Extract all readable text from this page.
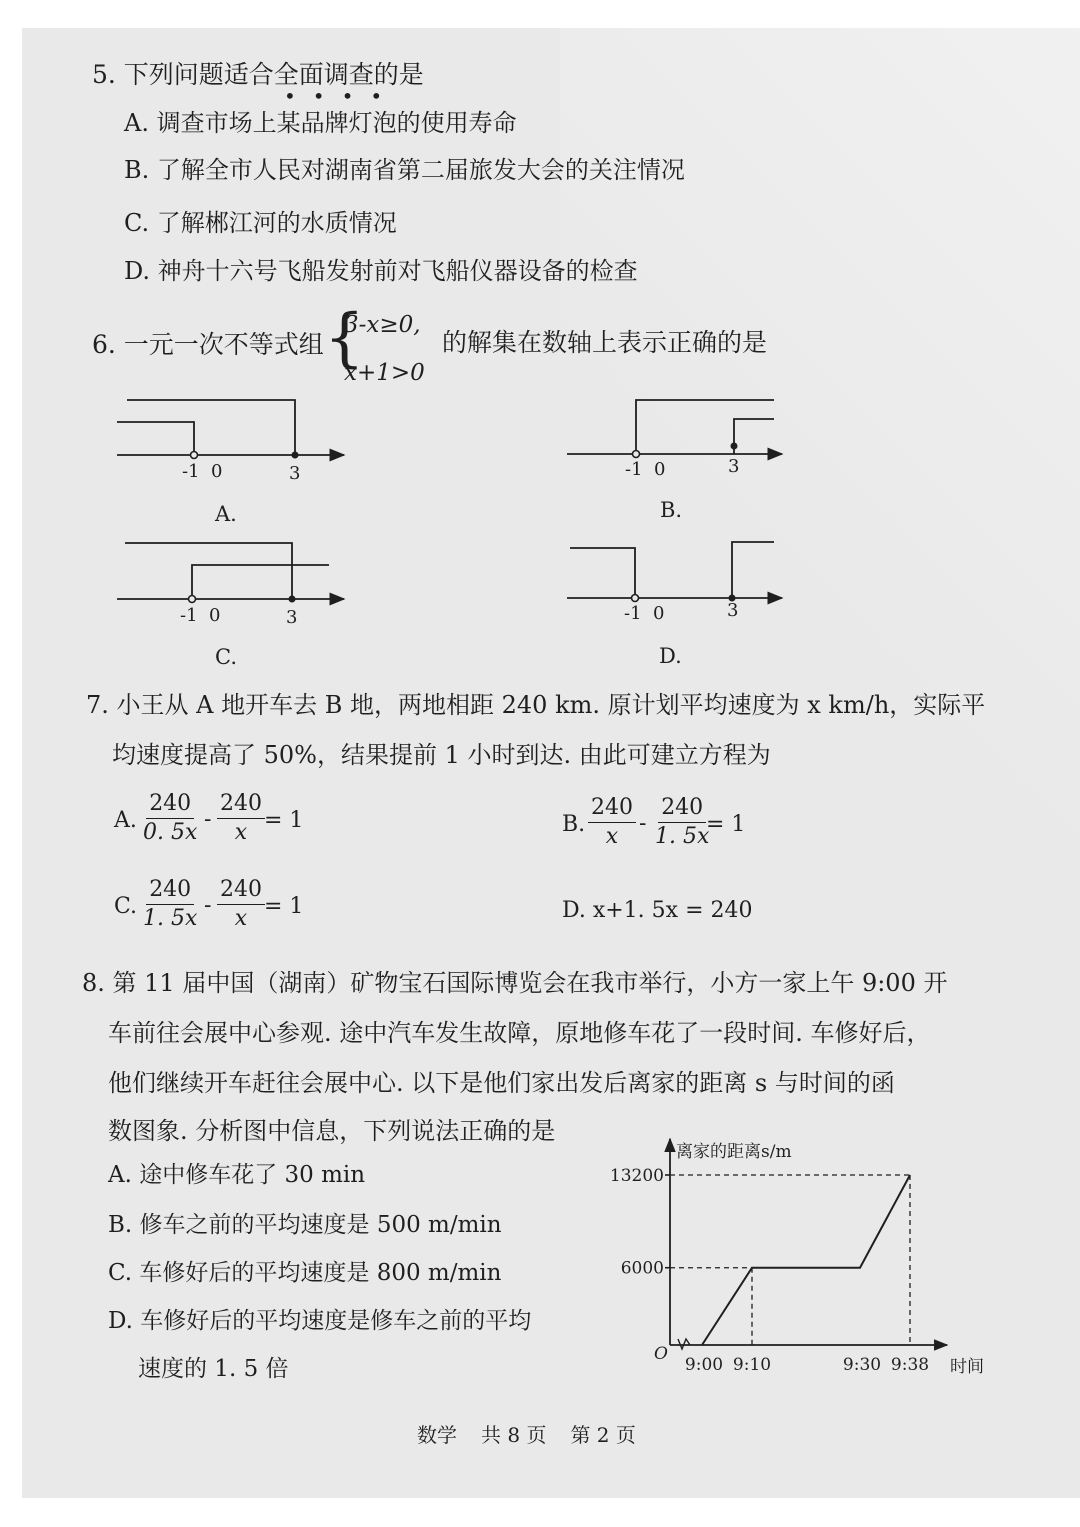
5. 下列问题适合全面调查的是
••••
A. 调查市场上某品牌灯泡的使用寿命
B. 了解全市人民对湖南省第二届旅发大会的关注情况
C. 了解郴江河的水质情况
D. 神舟十六号飞船发射前对飞船仪器设备的检查
6. 一元一次不等式组 {
3-x≥0,
x+1>0
的解集在数轴上表示正确的是
-1 0	3
A.
-1 0	3
B.
-1 0	3
C.
-1 0	3
D.
7. 小王从 A 地开车去 B 地，两地相距 240 km. 原计划平均速度为 x km/h，实际平
均速度提高了 50%，结果提前 1 小时到达. 由此可建立方程为
A. $\frac{240}{0. 5x} - \frac{240}{x} = 1$	B. $\frac{240}{x} - \frac{240}{1. 5x}$
= 1
C. $\frac{240}{1. 5x} - \frac{240}{x} = 1$	D. x+1. 5x = 240
8. 第 11 届中国（湖南）矿物宝石国际博览会在我市举行，小方一家上午 9:00 开
车前往会展中心参观. 途中汽车发生故障，原地修车花了一段时间. 车修好后，
他们继续开车赶往会展中心. 以下是他们家出发后离家的距离 s 与时间的函
数图象. 分析图中信息，下列说法正确的是
A. 途中修车花了 30 min
B. 修车之前的平均速度是 500 m/min
C. 车修好后的平均速度是 800 m/min
D. 车修好后的平均速度是修车之前的平均
速度的 1. 5 倍
6000
13200
9:00 9:10	9:30 9:38
O
离家的距离s/m
时间
数学 共 8 页 第 2 页
